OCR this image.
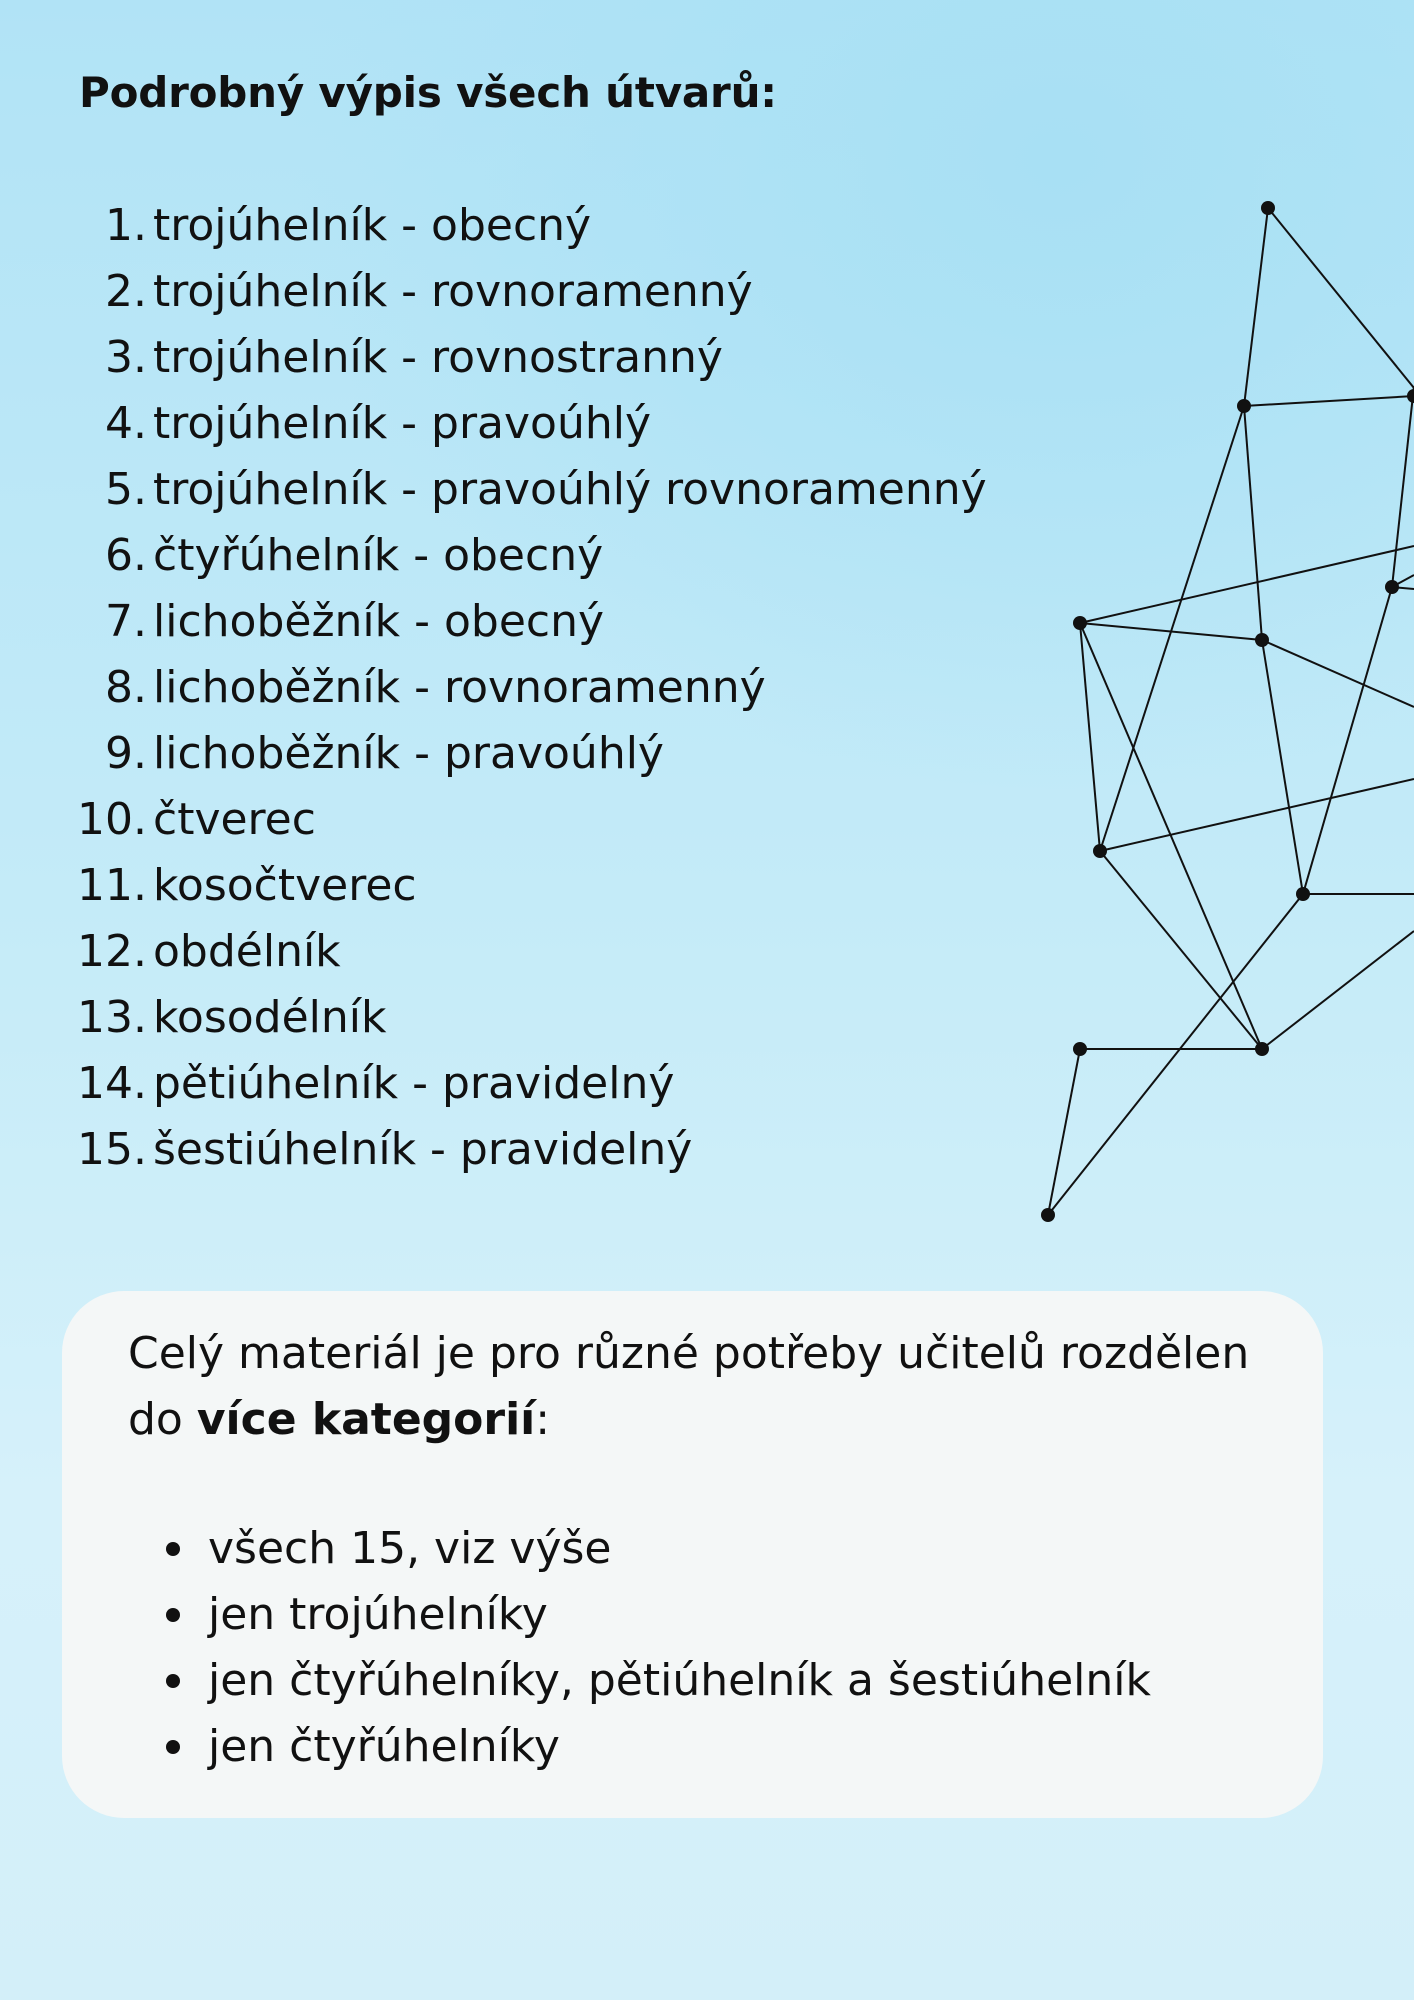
Podrobný výpis všech útvarů:
1. trojúhelník - obecný
2. trojúhelník - rovnoramenný
3. trojúhelník - rovnostranný
4. trojúhelník - pravoúhlý
5. trojúhelník - pravoúhlý rovnoramenný
6. čtyřúhelník - obecný
7. lichoběžník - obecný
8. lichoběžník - rovnoramenný
9. lichoběžník - pravoúhlý
10. čtverec
11. kosočtverec
12. obdélník
13. kosodélník
14. pětiúhelník - pravidelný
15. šestiúhelník - pravidelný

Celý materiál je pro různé potřeby učitelů rozdělen do více kategorií:

všech 15, viz výše
jen trojúhelníky
jen čtyřúhelníky, pětiúhelník a šestiúhelník
jen čtyřúhelníky
